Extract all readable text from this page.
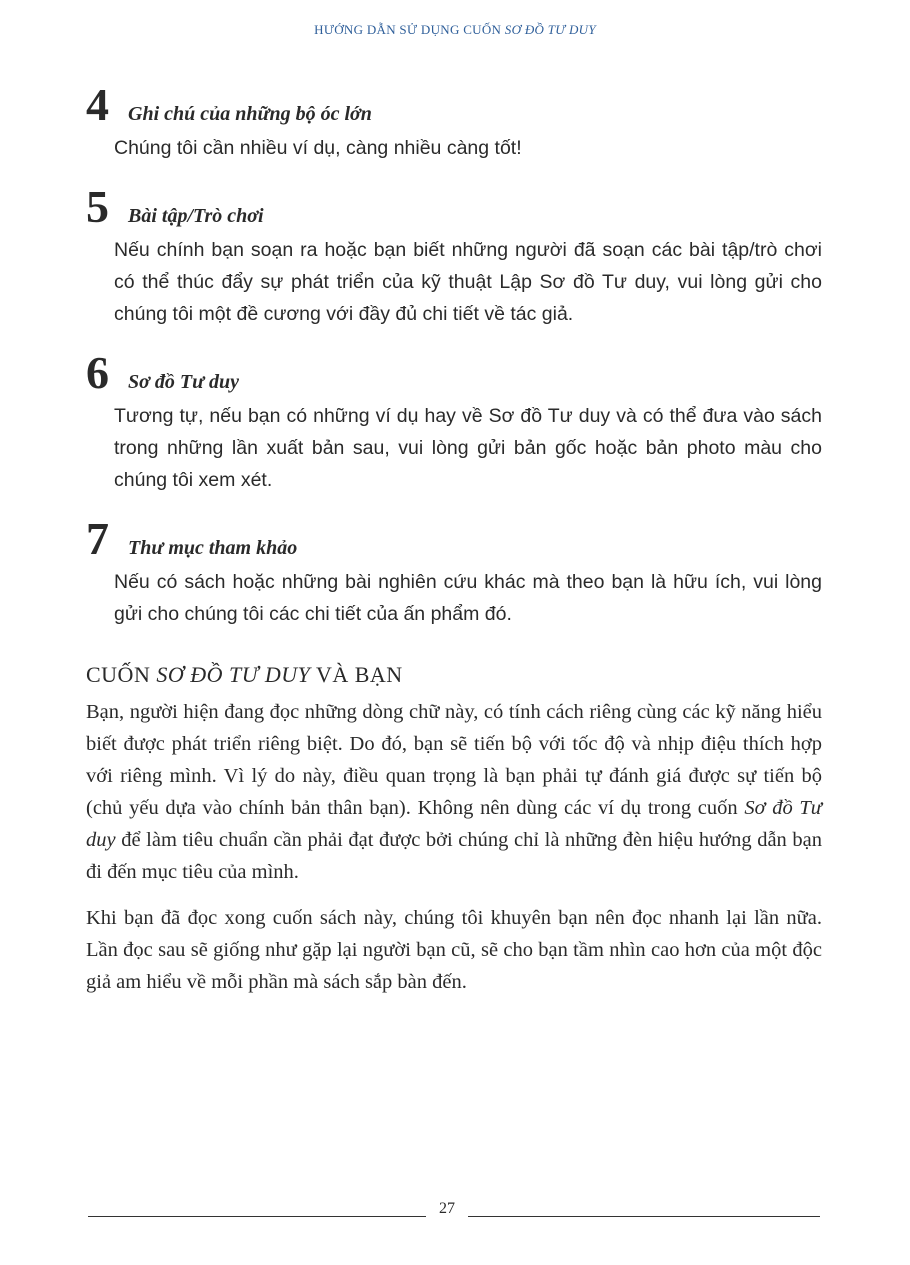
HƯỚNG DẪN SỬ DỤNG CUỐN SƠ ĐỒ TƯ DUY
4 Ghi chú của những bộ óc lớn
Chúng tôi cần nhiều ví dụ, càng nhiều càng tốt!
5 Bài tập/Trò chơi
Nếu chính bạn soạn ra hoặc bạn biết những người đã soạn các bài tập/trò chơi có thể thúc đẩy sự phát triển của kỹ thuật Lập Sơ đồ Tư duy, vui lòng gửi cho chúng tôi một đề cương với đầy đủ chi tiết về tác giả.
6 Sơ đồ Tư duy
Tương tự, nếu bạn có những ví dụ hay về Sơ đồ Tư duy và có thể đưa vào sách trong những lần xuất bản sau, vui lòng gửi bản gốc hoặc bản photo màu cho chúng tôi xem xét.
7 Thư mục tham khảo
Nếu có sách hoặc những bài nghiên cứu khác mà theo bạn là hữu ích, vui lòng gửi cho chúng tôi các chi tiết của ấn phẩm đó.
CUỐN SƠ ĐỒ TƯ DUY VÀ BẠN
Bạn, người hiện đang đọc những dòng chữ này, có tính cách riêng cùng các kỹ năng hiểu biết được phát triển riêng biệt. Do đó, bạn sẽ tiến bộ với tốc độ và nhịp điệu thích hợp với riêng mình. Vì lý do này, điều quan trọng là bạn phải tự đánh giá được sự tiến bộ (chủ yếu dựa vào chính bản thân bạn). Không nên dùng các ví dụ trong cuốn Sơ đồ Tư duy để làm tiêu chuẩn cần phải đạt được bởi chúng chỉ là những đèn hiệu hướng dẫn bạn đi đến mục tiêu của mình.
Khi bạn đã đọc xong cuốn sách này, chúng tôi khuyên bạn nên đọc nhanh lại lần nữa. Lần đọc sau sẽ giống như gặp lại người bạn cũ, sẽ cho bạn tầm nhìn cao hơn của một độc giả am hiểu về mỗi phần mà sách sắp bàn đến.
27
